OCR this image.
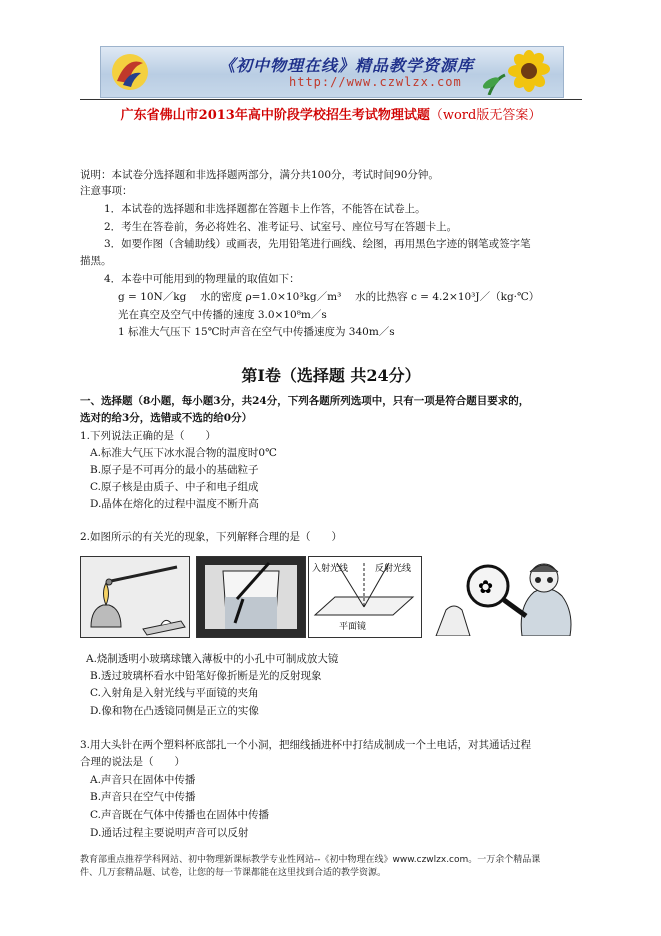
《初中物理在线》精品教学资源库
http://www.czwlzx.com
广东省佛山市2013年高中阶段学校招生考试物理试题（word版无答案）
说明：本试卷分选择题和非选择题两部分，满分共100分，考试时间90分钟。
注意事项：
1．本试卷的选择题和非选择题都在答题卡上作答，不能答在试卷上。
2．考生在答卷前，务必将姓名、准考证号、试室号、座位号写在答题卡上。
3．如要作图（含辅助线）或画表，先用铅笔进行画线、绘图，再用黑色字迹的钢笔或签字笔
描黑。
4．本卷中可能用到的物理量的取值如下：
g = 10N／kg　 水的密度 ρ=1.0×10³kg／m³　 水的比热容 c = 4.2×10³J／（kg·℃）
光在真空及空气中传播的速度 3.0×10⁸m／s
1 标准大气压下 15℃时声音在空气中传播速度为 340m／s
第Ⅰ卷（选择题 共24分）
一、选择题（8小题，每小题3分，共24分，下列各题所列选项中，只有一项是符合题目要求的，
选对的给3分，选错或不选的给0分）
1.下列说法正确的是（　　）
A.标准大气压下冰水混合物的温度时0℃
B.原子是不可再分的最小的基础粒子
C.原子核是由质子、中子和电子组成
D.晶体在熔化的过程中温度不断升高
2.如图所示的有关光的现象，下列解释合理的是（　　）
入射光线	反射光线
平面镜
✿
A.烧制透明小玻璃球镶入薄板中的小孔中可制成放大镜
B.透过玻璃杯看水中铅笔好像折断是光的反射现象
C.入射角是入射光线与平面镜的夹角
D.像和物在凸透镜同侧是正立的实像
3.用大头针在两个塑料杯底部扎一个小洞，把细线插进杯中打结成制成一个土电话，对其通话过程
合理的说法是（　　）
A.声音只在固体中传播
B.声音只在空气中传播
C.声音既在气体中传播也在固体中传播
D.通话过程主要说明声音可以反射
教育部重点推荐学科网站、初中物理新课标教学专业性网站--《初中物理在线》www.czwlzx.com。一万余个精品课
件、几万套精品题、试卷，让您的每一节课都能在这里找到合适的教学资源。
